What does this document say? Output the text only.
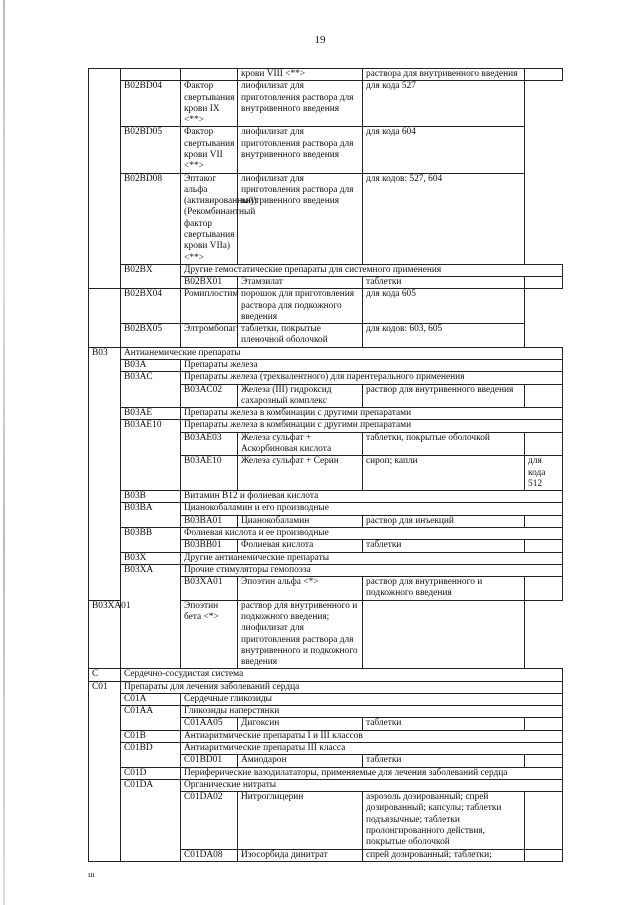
19
			крови VIII <**>	раствора для внутривенного введения	
	B02BD04	Фактор свертывания крови IX <**>	лиофилизат для приготовления раствора для внутривенного введения	для кода 527	
	B02BD05	Фактор свертывания крови VII <**>	лиофилизат для приготовления раствора для внутривенного введения	для кода 604	
	B02BD08	Эптаког альфа (активированный) (Рекомбинантный фактор свертывания крови VIIa) <**>	лиофилизат для приготовления раствора для внутривенного введения	для кодов: 527, 604	
	B02BX	Другие гемостатические препараты для системного применения			
		B02BX01	Этамзилат	таблетки	
	B02BX04	Ромиплостим	порошок для приготовления раствора для подкожного введения	для кода 605	
	B02BX05	Элтромбопаг	таблетки, покрытые пленочной оболочкой	для кодов: 603, 605	
B03	Антианемические препараты				
	B03A	Препараты железа			
	B03AC	Препараты железа (трехвалентного) для парентерального применения			
		B03AC02	Железа (III) гидроксид сахарозный комплекс	раствор для внутривенного введения	
	B03AE	Препараты железа в комбинации с другими препаратами			
	B03AE10	Препараты железа в комбинации с другими препаратами			
		B03AE03	Железа сульфат + Аскорбиновая кислота	таблетки, покрытые оболочкой	
		B03AE10	Железа сульфат + Серин	сироп; капли	для кода 512
	B03B	Витамин B12 и фолиевая кислота			
	B03BA	Цианокобаламин и его производные			
		B03BA01	Цианокобаламин	раствор для инъекций	
	B03BB	Фолиевая кислота и ее производные			
		B03BB01	Фолиевая кислота	таблетки	
	B03X	Другие антианемические препараты			
	B03XA	Прочие стимуляторы гемопоэза			
		B03XA01	Эпоэтин альфа <*>	раствор для внутривенного и подкожного введения	
B03XA01		Эпоэтин бета <*>	раствор для внутривенного и подкожного введения; лиофилизат для приготовления раствора для внутривенного и подкожного введения		
C	Сердечно-сосудистая система				
C01	Препараты для лечения заболеваний сердца				
	C01A	Сердечные гликозиды			
	C01AA	Гликозиды наперстянки			
		C01AA05	Дигоксин	таблетки	
	C01B	Антиаритмические препараты I и III классов			
	C01BD	Антиаритмические препараты III класса			
		C01BD01	Амиодарон	таблетки	
	C01D	Периферические вазодилататоры, применяемые для лечения заболеваний сердца			
	C01DA	Органические нитраты			
		C01DA02	Нитроглицерин	аэрозоль дозированный; спрей дозированный; капсулы; таблетки подъязычные; таблетки пролонгированного действия, покрытые оболочкой	
		C01DA08	Изосорбида динитрат	спрей дозированный; таблетки;	
ııı
